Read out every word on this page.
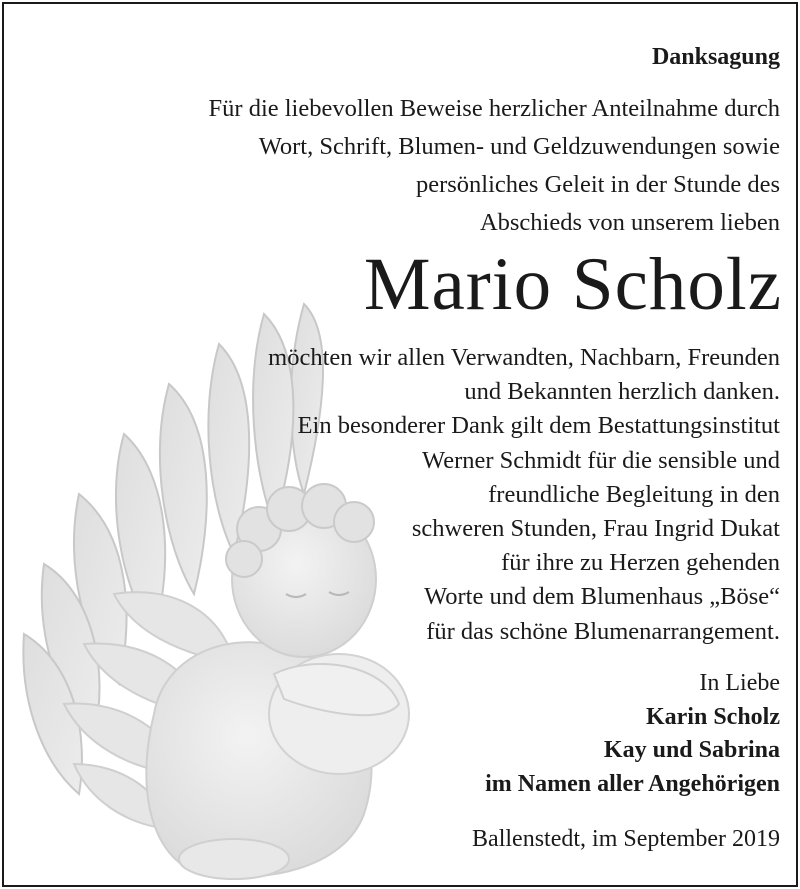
Danksagung
Für die liebevollen Beweise herzlicher Anteilnahme durch
Wort, Schrift, Blumen- und Geldzuwendungen sowie
persönliches Geleit in der Stunde des
Abschieds von unserem lieben
Mario Scholz
möchten wir allen Verwandten, Nachbarn, Freunden
und Bekannten herzlich danken.
Ein besonderer Dank gilt dem Bestattungsinstitut
Werner Schmidt für die sensible und
freundliche Begleitung in den
schweren Stunden, Frau Ingrid Dukat
für ihre zu Herzen gehenden
Worte und dem Blumenhaus „Böse“
für das schöne Blumenarrangement.
In Liebe
Karin Scholz
Kay und Sabrina
im Namen aller Angehörigen
Ballenstedt, im September 2019
